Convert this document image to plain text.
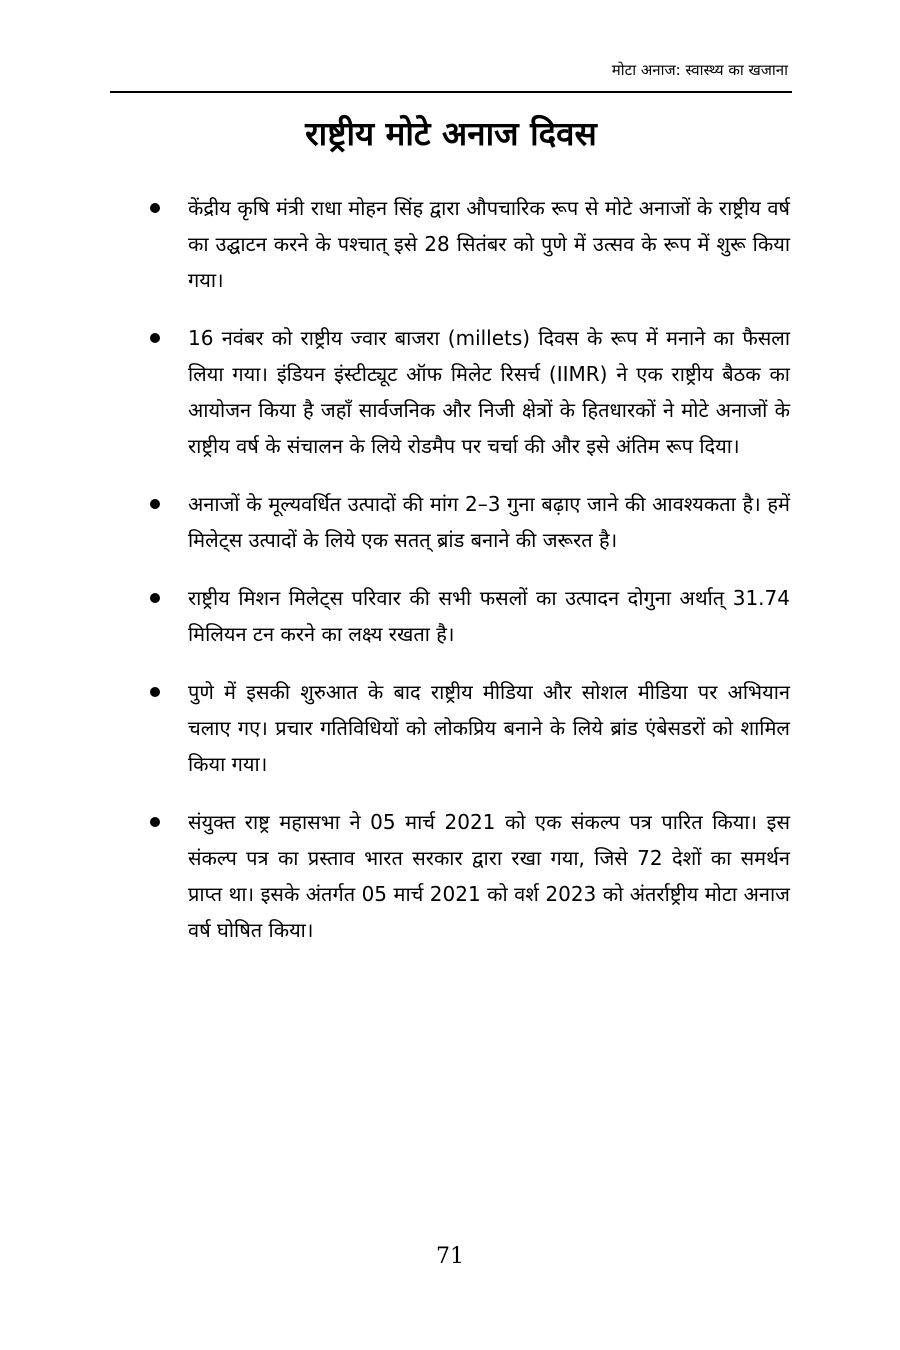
मोटा अनाज: स्वास्थ्य का खजाना
राष्ट्रीय मोटे अनाज दिवस
केंद्रीय कृषि मंत्री राधा मोहन सिंह द्वारा औपचारिक रूप से मोटे अनाजों के राष्ट्रीय वर्ष का उद्घाटन करने के पश्चात् इसे 28 सितंबर को पुणे में उत्सव के रूप में शुरू किया गया।
16 नवंबर को राष्ट्रीय ज्वार बाजरा (millets) दिवस के रूप में मनाने का फैसला लिया गया। इंडियन इंस्टीट्यूट ऑफ मिलेट रिसर्च (IIMR) ने एक राष्ट्रीय बैठक का आयोजन किया है जहाँ सार्वजनिक और निजी क्षेत्रों के हितधारकों ने मोटे अनाजों के राष्ट्रीय वर्ष के संचालन के लिये रोडमैप पर चर्चा की और इसे अंतिम रूप दिया।
अनाजों के मूल्यवर्धित उत्पादों की मांग 2–3 गुना बढ़ाए जाने की आवश्यकता है। हमें मिलेट्स उत्पादों के लिये एक सतत् ब्रांड बनाने की जरूरत है।
राष्ट्रीय मिशन मिलेट्स परिवार की सभी फसलों का उत्पादन दोगुना अर्थात् 31.74 मिलियन टन करने का लक्ष्य रखता है।
पुणे में इसकी शुरुआत के बाद राष्ट्रीय मीडिया और सोशल मीडिया पर अभियान चलाए गए। प्रचार गतिविधियों को लोकप्रिय बनाने के लिये ब्रांड एंबेसडरों को शामिल किया गया।
संयुक्त राष्ट्र महासभा ने 05 मार्च 2021 को एक संकल्प पत्र पारित किया। इस संकल्प पत्र का प्रस्ताव भारत सरकार द्वारा रखा गया, जिसे 72 देशों का समर्थन प्राप्त था। इसके अंतर्गत 05 मार्च 2021 को वर्श 2023 को अंतर्राष्ट्रीय मोटा अनाज वर्ष घोषित किया।
71
